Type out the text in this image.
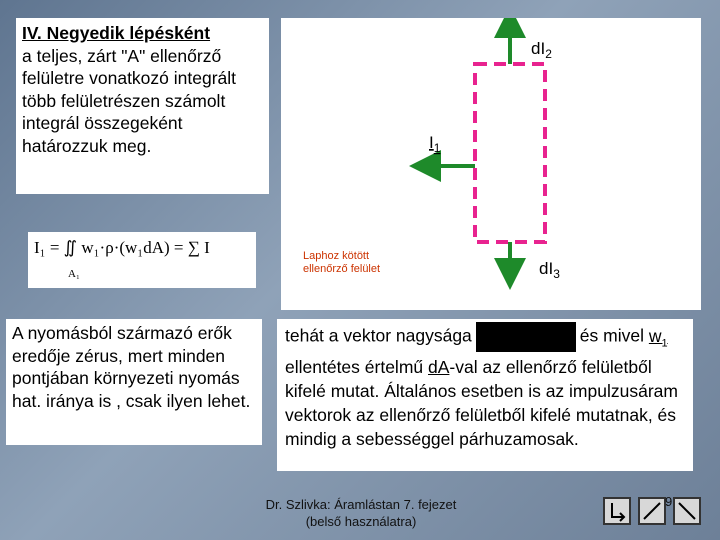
IV. Negyedik lépésként
a teljes, zárt "A" ellenőrző felületre vonatkozó integrált több felületrészen számolt integrál összegeként határozzuk meg.
$dI_2$
$I_1$
$dI_3$
Laphoz kötött ellenőrző felület
I₁ = ∬ w₁·ρ·(w₁dA) = ∑ I
A₁
A nyomásból származó erők eredője zérus, mert minden pontjában környezeti nyomás hat. iránya is , csak ilyen lehet.
tehát a vektor nagysága	és mivel $w_1$ ellentétes értelmű dA-val az ellenőrző felületből kifelé mutat. Általános esetben is az impulzusáram vektorok az ellenőrző felületből kifelé mutatnak, és mindig a sebességgel párhuzamosak.
Dr. Szlivka: Áramlástan 7. fejezet
(belső használatra)
9
